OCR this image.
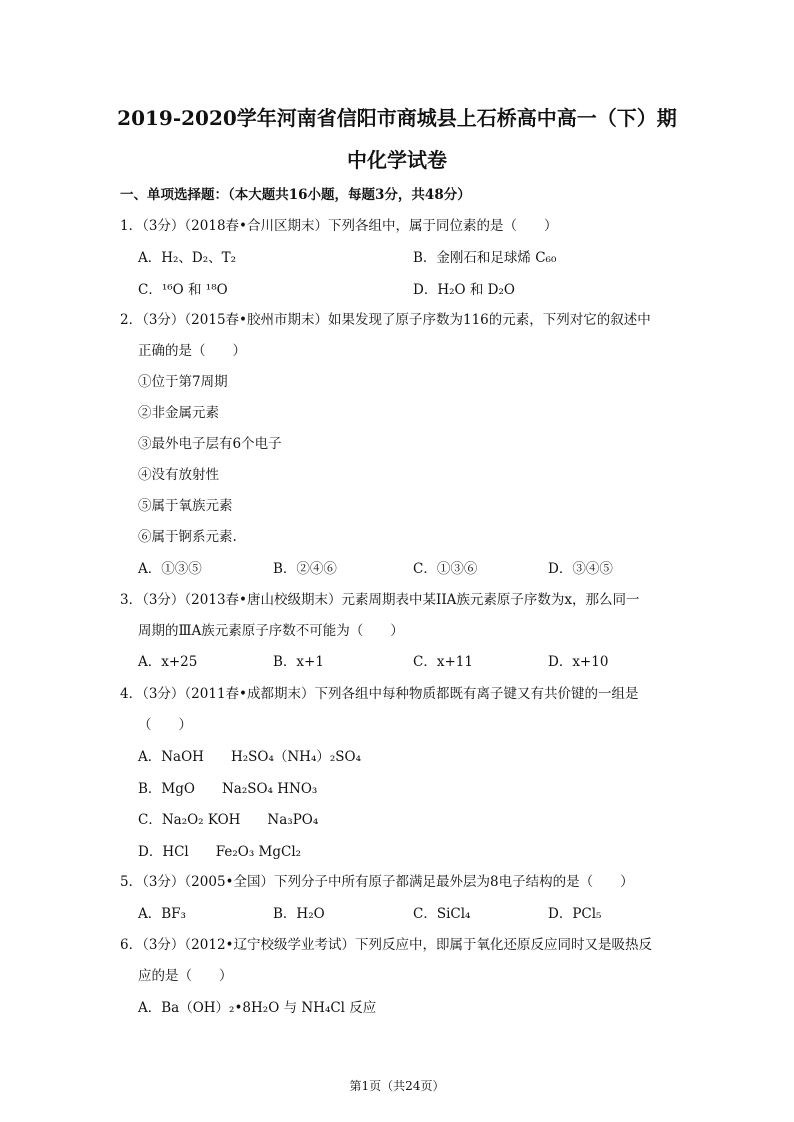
2019-2020学年河南省信阳市商城县上石桥高中高一（下）期
中化学试卷
一、单项选择题：（本大题共16小题，每题3分，共48分）
1．（3分）（2018春•合川区期末）下列各组中，属于同位素的是（　　）
A．H₂、D₂、T₂	B．金刚石和足球烯 C₆₀
C．¹⁶O 和 ¹⁸O	D．H₂O 和 D₂O
2．（3分）（2015春•胶州市期末）如果发现了原子序数为116的元素，下列对它的叙述中
正确的是（　　）
①位于第7周期
②非金属元素
③最外电子层有6个电子
④没有放射性
⑤属于氧族元素
⑥属于锕系元素.
A．①③⑤	B．②④⑥	C．①③⑥	D．③④⑤
3．（3分）（2013春•唐山校级期末）元素周期表中某IIA族元素原子序数为x，那么同一
周期的ⅢA族元素原子序数不可能为（　　）
A．x+25	B．x+1	C．x+11	D．x+10
4．（3分）（2011春•成都期末）下列各组中每种物质都既有离子键又有共价键的一组是
（　　）
A．NaOH　　H₂SO₄（NH₄）₂SO₄
B．MgO　　Na₂SO₄ HNO₃
C．Na₂O₂ KOH　　Na₃PO₄
D．HCl　　Fe₂O₃ MgCl₂
5．（3分）（2005•全国）下列分子中所有原子都满足最外层为8电子结构的是（　　）
A．BF₃	B．H₂O	C．SiCl₄	D．PCl₅
6．（3分）（2012•辽宁校级学业考试）下列反应中，即属于氧化还原反应同时又是吸热反
应的是（　　）
A．Ba（OH）₂•8H₂O 与 NH₄Cl 反应
第1页（共24页）
